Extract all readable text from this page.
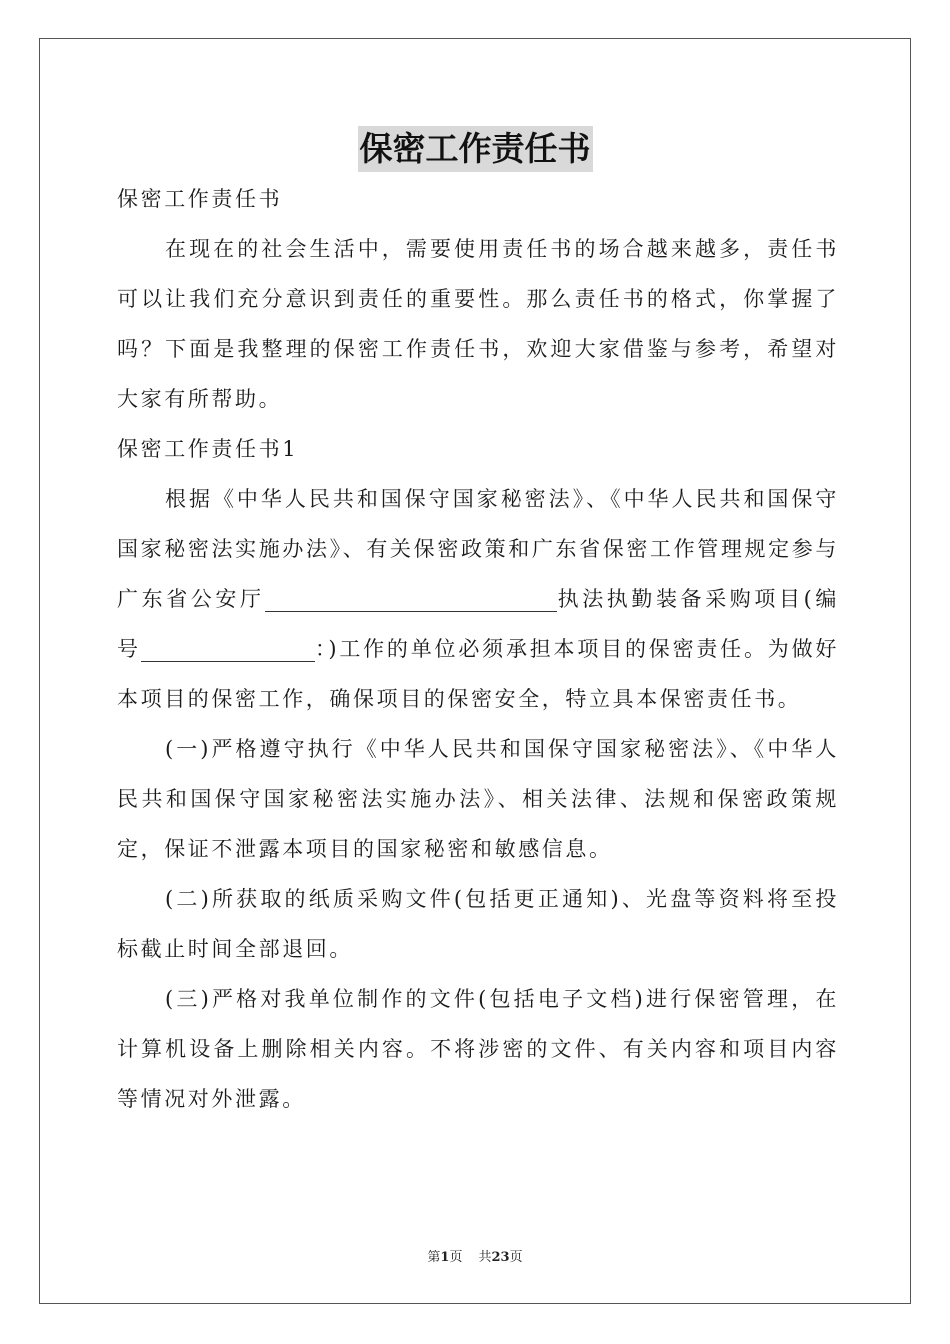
保密工作责任书

保密工作责任书

在现在的社会生活中，需要使用责任书的场合越来越多，责任书可以让我们充分意识到责任的重要性。那么责任书的格式，你掌握了吗？下面是我整理的保密工作责任书，欢迎大家借鉴与参考，希望对大家有所帮助。

保密工作责任书1

根据《中华人民共和国保守国家秘密法》、《中华人民共和国保守国家秘密法实施办法》、有关保密政策和广东省保密工作管理规定参与广东省公安厅	执法执勤装备采购项目(编号	：)工作的单位必须承担本项目的保密责任。为做好本项目的保密工作，确保项目的保密安全，特立具本保密责任书。

(一)严格遵守执行《中华人民共和国保守国家秘密法》、《中华人民共和国保守国家秘密法实施办法》、相关法律、法规和保密政策规定，保证不泄露本项目的国家秘密和敏感信息。

(二)所获取的纸质采购文件(包括更正通知)、光盘等资料将至投标截止时间全部退回。

(三)严格对我单位制作的文件(包括电子文档)进行保密管理，在计算机设备上删除相关内容。不将涉密的文件、有关内容和项目内容等情况对外泄露。

第1页 共23页
